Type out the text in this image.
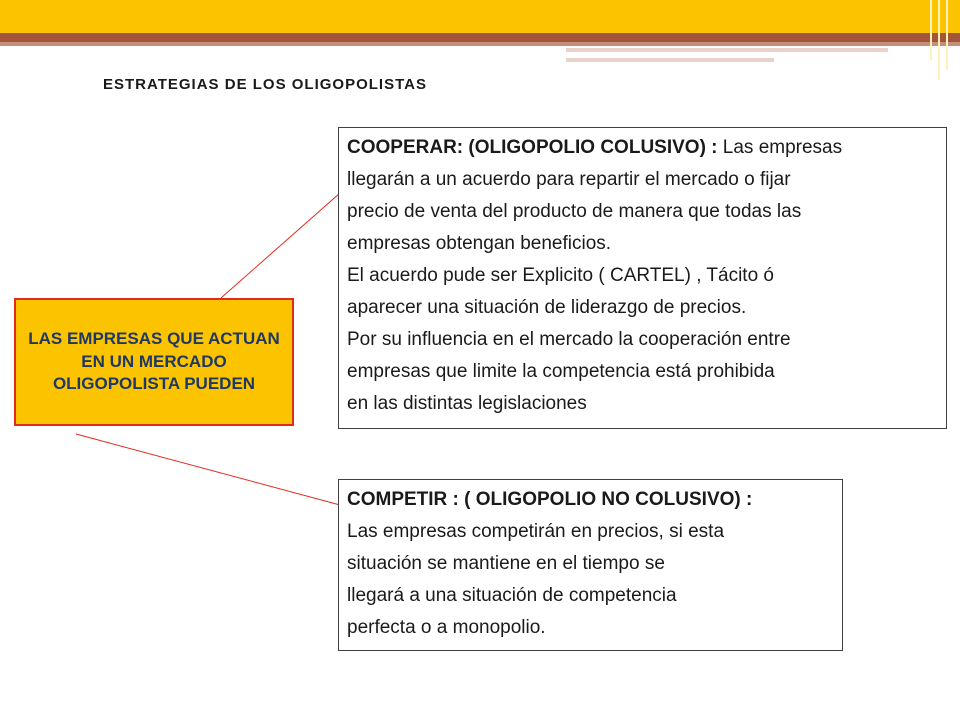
ESTRATEGIAS DE LOS OLIGOPOLISTAS
LAS EMPRESAS QUE ACTUAN EN UN MERCADO OLIGOPOLISTA PUEDEN
COOPERAR: (OLIGOPOLIO COLUSIVO) : Las empresas
llegarán a un acuerdo para repartir el mercado o fijar
precio de venta del producto de manera que todas las
empresas obtengan beneficios.
El acuerdo pude ser Explicito ( CARTEL) , Tácito ó
aparecer una situación de liderazgo de precios.
Por su influencia en el mercado la cooperación entre
empresas que limite la competencia está prohibida
en las distintas legislaciones
COMPETIR : ( OLIGOPOLIO NO COLUSIVO) :
Las empresas competirán en precios, si esta
situación se mantiene en el tiempo se
llegará a una situación de competencia
perfecta o a monopolio.
